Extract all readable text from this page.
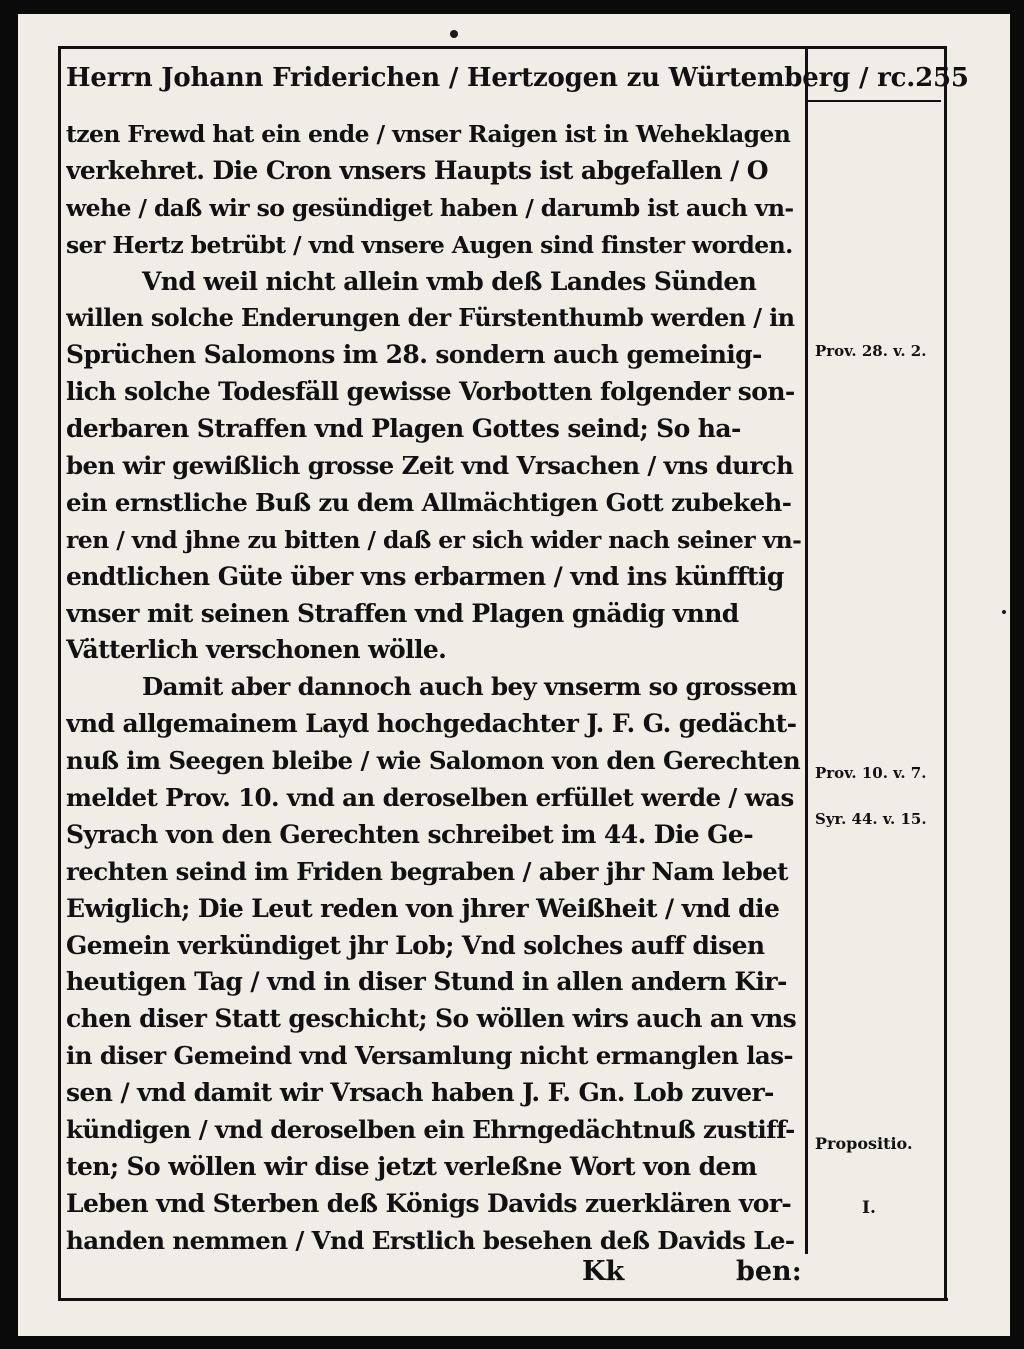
Herrn Johann Friderichen / Hertzogen zu Würtemberg / rc. 255
tzen Frewd hat ein ende / vnser Raigen ist in Weheklagen
verkehret. Die Cron vnsers Haupts ist abgefallen / O
wehe / daß wir so gesündiget haben / darumb ist auch vn-
ser Hertz betrübt / vnd vnsere Augen sind finster worden.
Vnd weil nicht allein vmb deß Landes Sünden
willen solche Enderungen der Fürstenthumb werden / in
Sprüchen Salomons im 28. sondern auch gemeinig-
lich solche Todesfäll gewisse Vorbotten folgender son-
derbaren Straffen vnd Plagen Gottes seind; So ha-
ben wir gewißlich grosse Zeit vnd Vrsachen / vns durch
ein ernstliche Buß zu dem Allmächtigen Gott zubekeh-
ren / vnd jhne zu bitten / daß er sich wider nach seiner vn-
endtlichen Güte über vns erbarmen / vnd ins künfftig
vnser mit seinen Straffen vnd Plagen gnädig vnnd
Vätterlich verschonen wölle.
Damit aber dannoch auch bey vnserm so grossem
vnd allgemainem Layd hochgedachter J. F. G. gedächt-
nuß im Seegen bleibe / wie Salomon von den Gerechten
meldet Prov. 10. vnd an deroselben erfüllet werde / was
Syrach von den Gerechten schreibet im 44. Die Ge-
rechten seind im Friden begraben / aber jhr Nam lebet
Ewiglich; Die Leut reden von jhrer Weißheit / vnd die
Gemein verkündiget jhr Lob; Vnd solches auff disen
heutigen Tag / vnd in diser Stund in allen andern Kir-
chen diser Statt geschicht; So wöllen wirs auch an vns
in diser Gemeind vnd Versamlung nicht ermanglen las-
sen / vnd damit wir Vrsach haben J. F. Gn. Lob zuver-
kündigen / vnd deroselben ein Ehrngedächtnuß zustiff-
ten; So wöllen wir dise jetzt verleßne Wort von dem
Leben vnd Sterben deß Königs Davids zuerklären vor-
handen nemmen / Vnd Erstlich besehen deß Davids Le-
Prov. 28. v. 2.
Prov. 10. v. 7.
Syr. 44. v. 15.
Propositio.
I.
Kk	ben:
